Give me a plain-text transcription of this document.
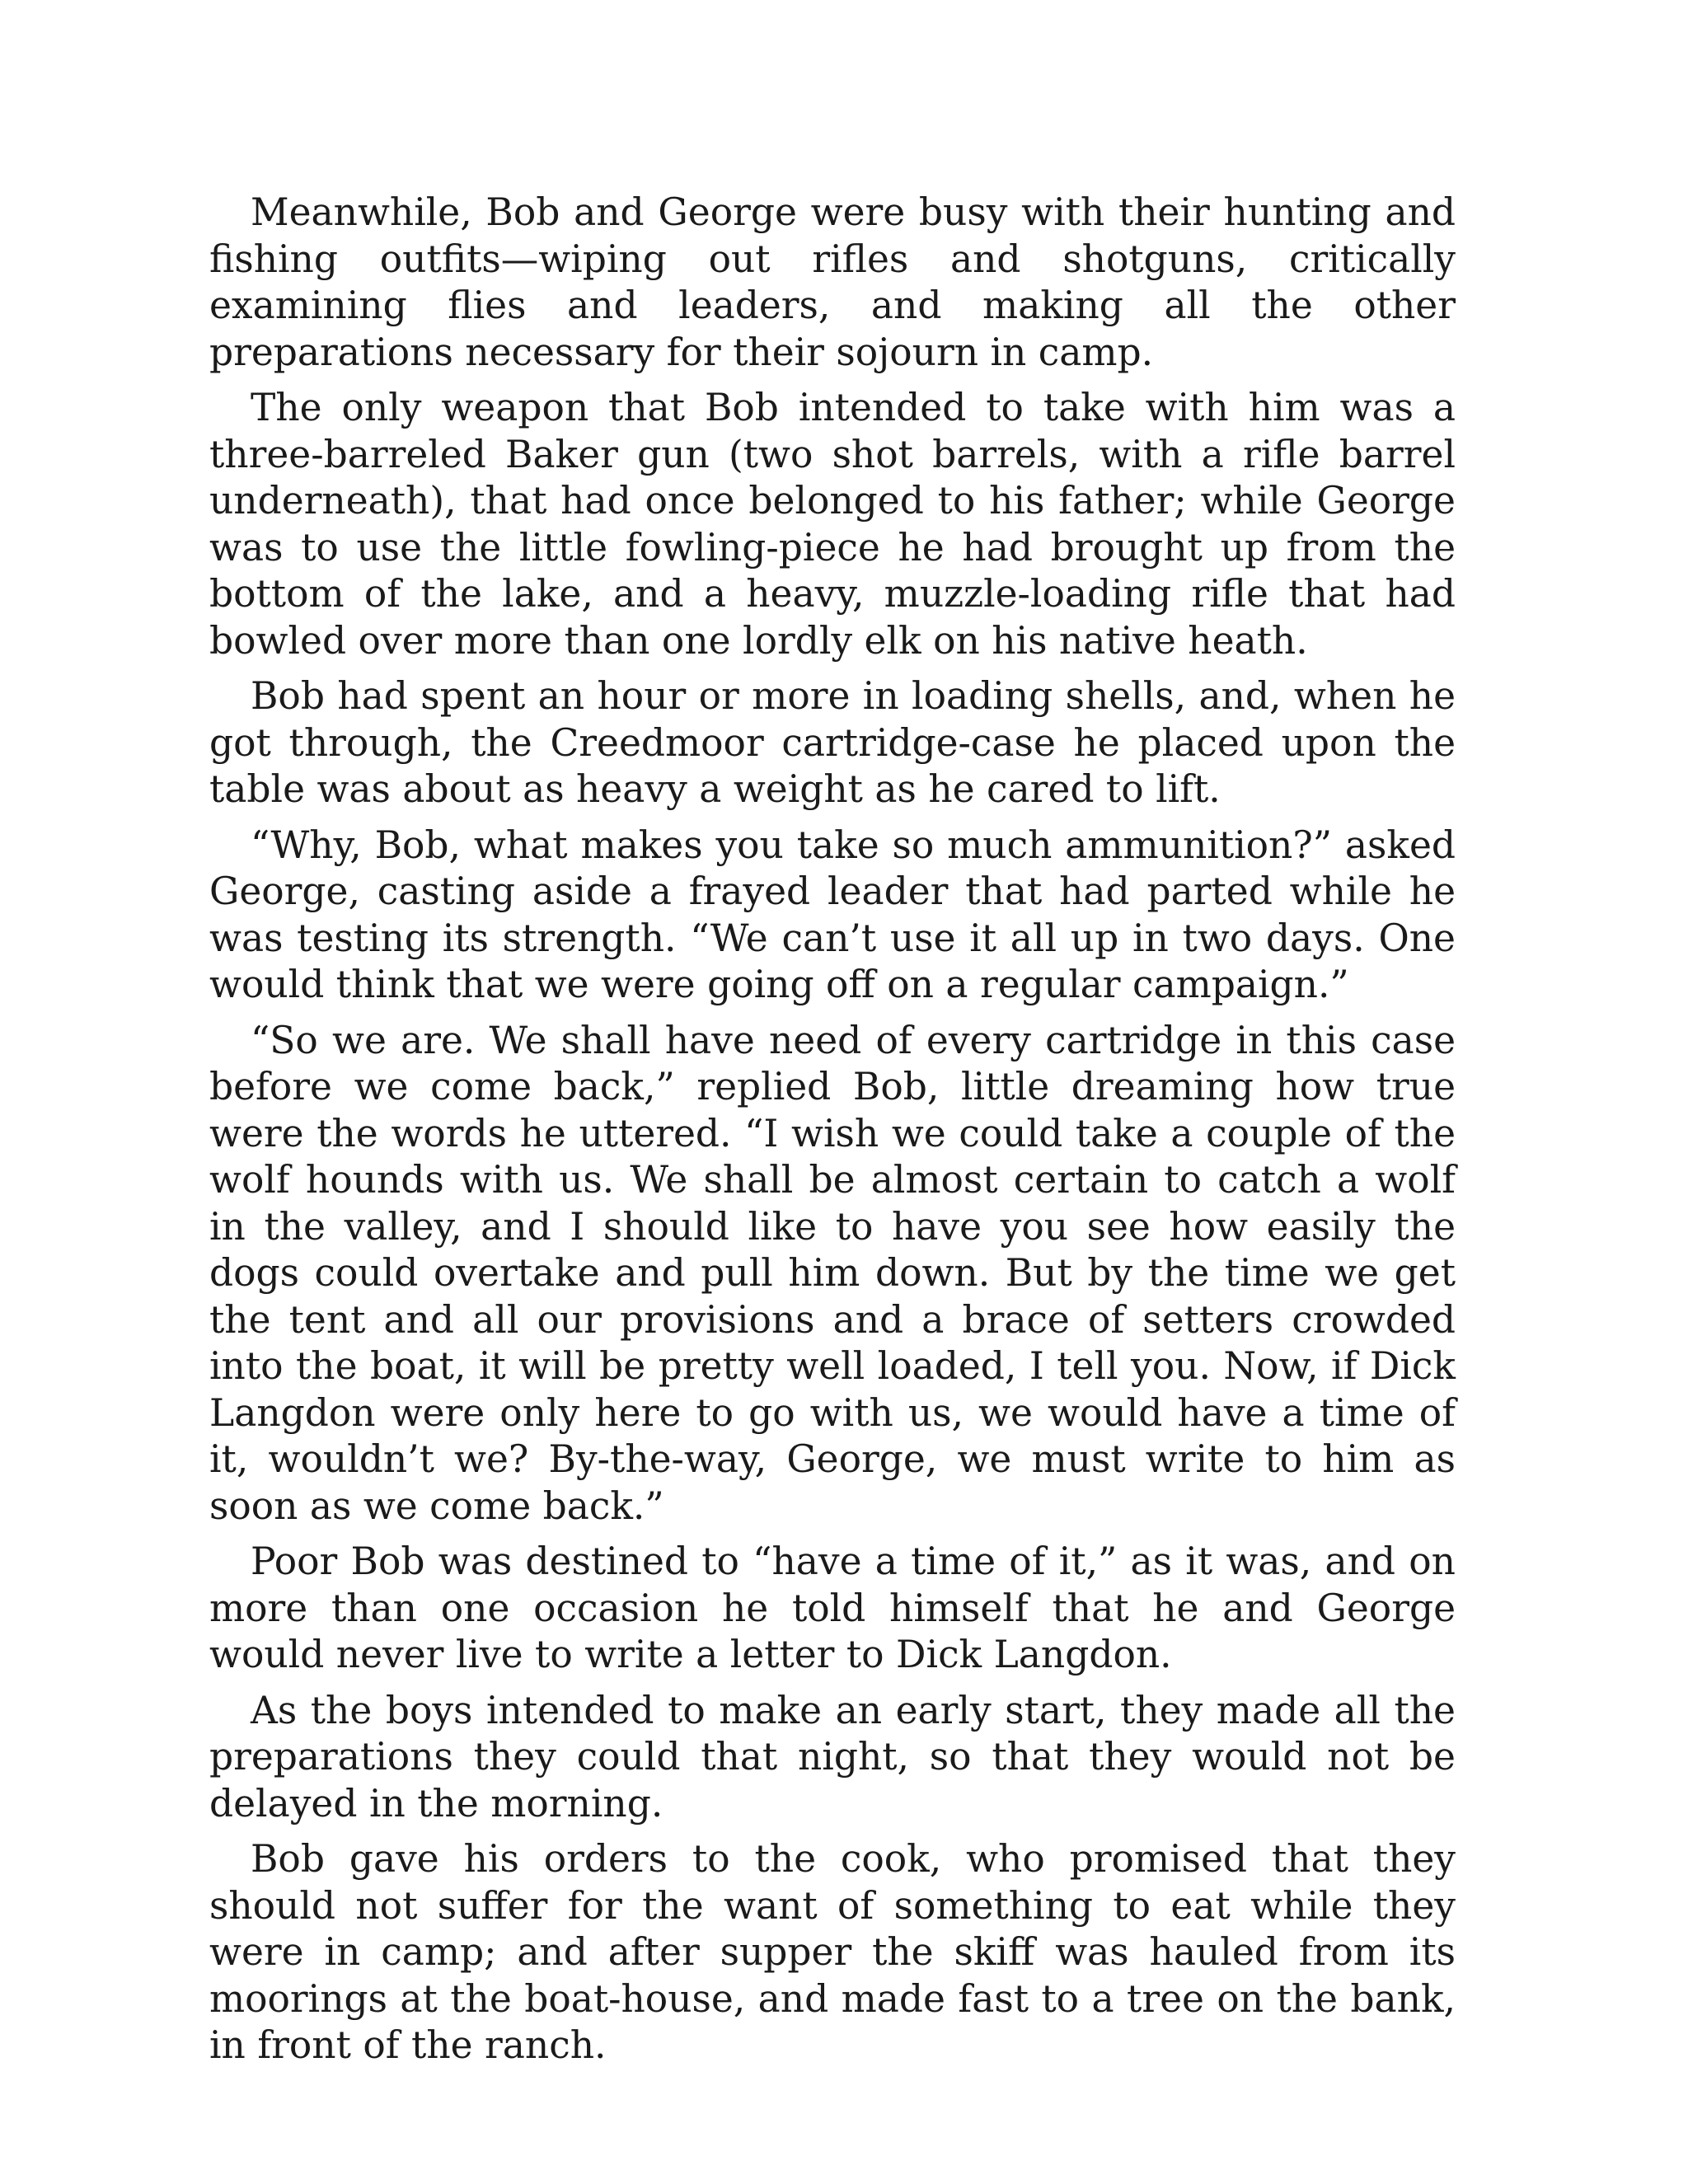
Meanwhile, Bob and George were busy with their hunting and fishing outfits—wiping out rifles and shotguns, critically examining flies and leaders, and making all the other preparations necessary for their sojourn in camp.

The only weapon that Bob intended to take with him was a three-barreled Baker gun (two shot barrels, with a rifle barrel underneath), that had once belonged to his father; while George was to use the little fowling-piece he had brought up from the bottom of the lake, and a heavy, muzzle-loading rifle that had bowled over more than one lordly elk on his native heath.

Bob had spent an hour or more in loading shells, and, when he got through, the Creedmoor cartridge-case he placed upon the table was about as heavy a weight as he cared to lift.

“Why, Bob, what makes you take so much ammunition?” asked George, casting aside a frayed leader that had parted while he was testing its strength. “We can’t use it all up in two days. One would think that we were going off on a regular campaign.”

“So we are. We shall have need of every cartridge in this case before we come back,” replied Bob, little dreaming how true were the words he uttered. “I wish we could take a couple of the wolf hounds with us. We shall be almost certain to catch a wolf in the valley, and I should like to have you see how easily the dogs could overtake and pull him down. But by the time we get the tent and all our provisions and a brace of setters crowded into the boat, it will be pretty well loaded, I tell you. Now, if Dick Langdon were only here to go with us, we would have a time of it, wouldn’t we? By-the-way, George, we must write to him as soon as we come back.”

Poor Bob was destined to “have a time of it,” as it was, and on more than one occasion he told himself that he and George would never live to write a letter to Dick Langdon.

As the boys intended to make an early start, they made all the preparations they could that night, so that they would not be delayed in the morning.

Bob gave his orders to the cook, who promised that they should not suffer for the want of something to eat while they were in camp; and after supper the skiff was hauled from its moorings at the boat-house, and made fast to a tree on the bank, in front of the ranch.
